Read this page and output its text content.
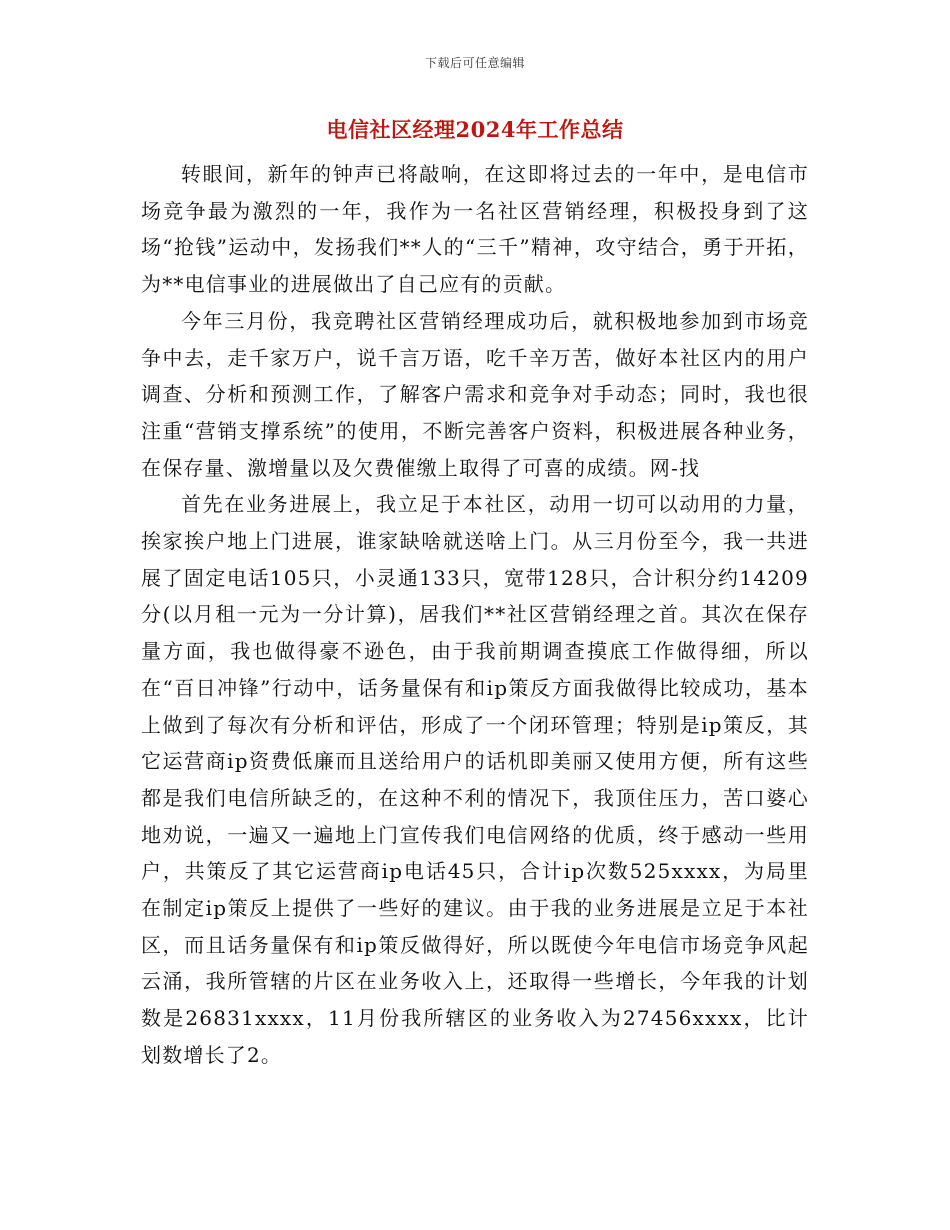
下载后可任意编辑
电信社区经理2024年工作总结

转眼间，新年的钟声已将敲响，在这即将过去的一年中，是电信市场竞争最为激烈的一年，我作为一名社区营销经理，积极投身到了这场“抢钱”运动中，发扬我们**人的“三千”精神，攻守结合，勇于开拓，为**电信事业的进展做出了自己应有的贡献。

今年三月份，我竞聘社区营销经理成功后，就积极地参加到市场竞争中去，走千家万户，说千言万语，吃千辛万苦，做好本社区内的用户调查、分析和预测工作，了解客户需求和竞争对手动态；同时，我也很注重“营销支撑系统”的使用，不断完善客户资料，积极进展各种业务，在保存量、激增量以及欠费催缴上取得了可喜的成绩。网-找

首先在业务进展上，我立足于本社区，动用一切可以动用的力量，挨家挨户地上门进展，谁家缺啥就送啥上门。从三月份至今，我一共进展了固定电话105只，小灵通133只，宽带128只，合计积分约14209分(以月租一元为一分计算)，居我们**社区营销经理之首。其次在保存量方面，我也做得豪不逊色，由于我前期调查摸底工作做得细，所以在“百日冲锋”行动中，话务量保有和ip策反方面我做得比较成功，基本上做到了每次有分析和评估，形成了一个闭环管理；特别是ip策反，其它运营商ip资费低廉而且送给用户的话机即美丽又使用方便，所有这些都是我们电信所缺乏的，在这种不利的情况下，我顶住压力，苦口婆心地劝说，一遍又一遍地上门宣传我们电信网络的优质，终于感动一些用户，共策反了其它运营商ip电话45只，合计ip次数525xxxx，为局里在制定ip策反上提供了一些好的建议。由于我的业务进展是立足于本社区，而且话务量保有和ip策反做得好，所以既使今年电信市场竞争风起云涌，我所管辖的片区在业务收入上，还取得一些增长，今年我的计划数是26831xxxx，11月份我所辖区的业务收入为27456xxxx，比计划数增长了2。
